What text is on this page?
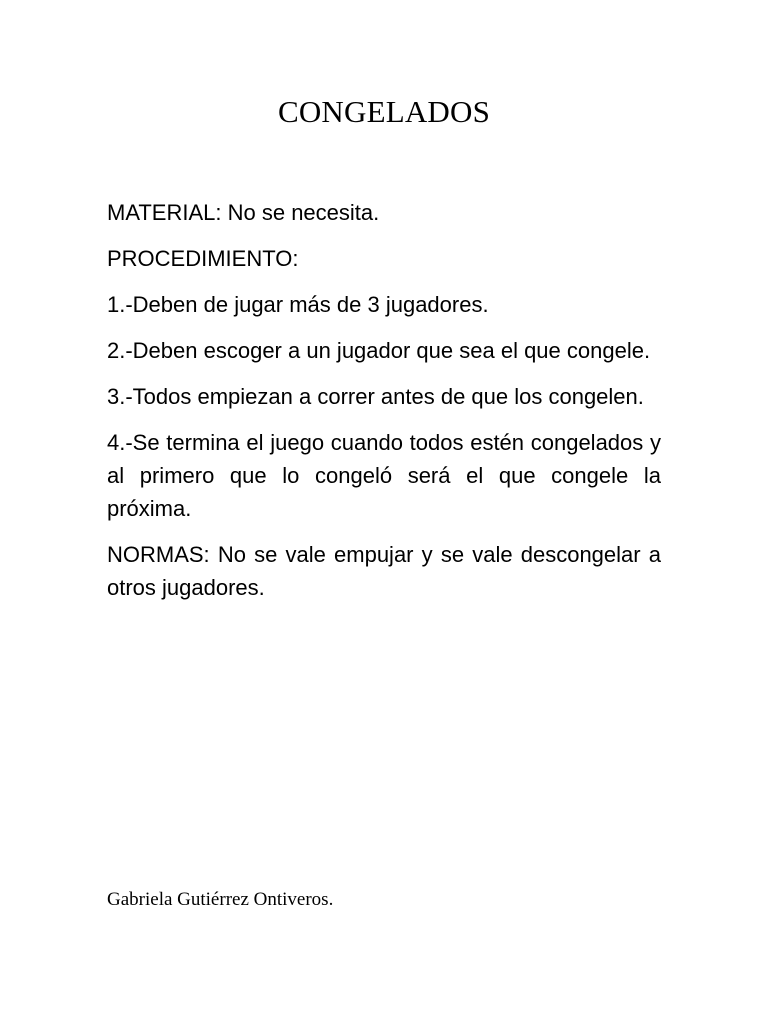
CONGELADOS

MATERIAL: No se necesita.

PROCEDIMIENTO:

1.-Deben de jugar más de 3 jugadores.

2.-Deben escoger a un jugador que sea el que congele.

3.-Todos empiezan a correr antes de que los congelen.

4.-Se termina el juego cuando todos estén congelados y al primero que lo congeló será el que congele la próxima.

NORMAS: No se vale empujar y se vale descongelar a otros jugadores.

Gabriela Gutiérrez Ontiveros.
